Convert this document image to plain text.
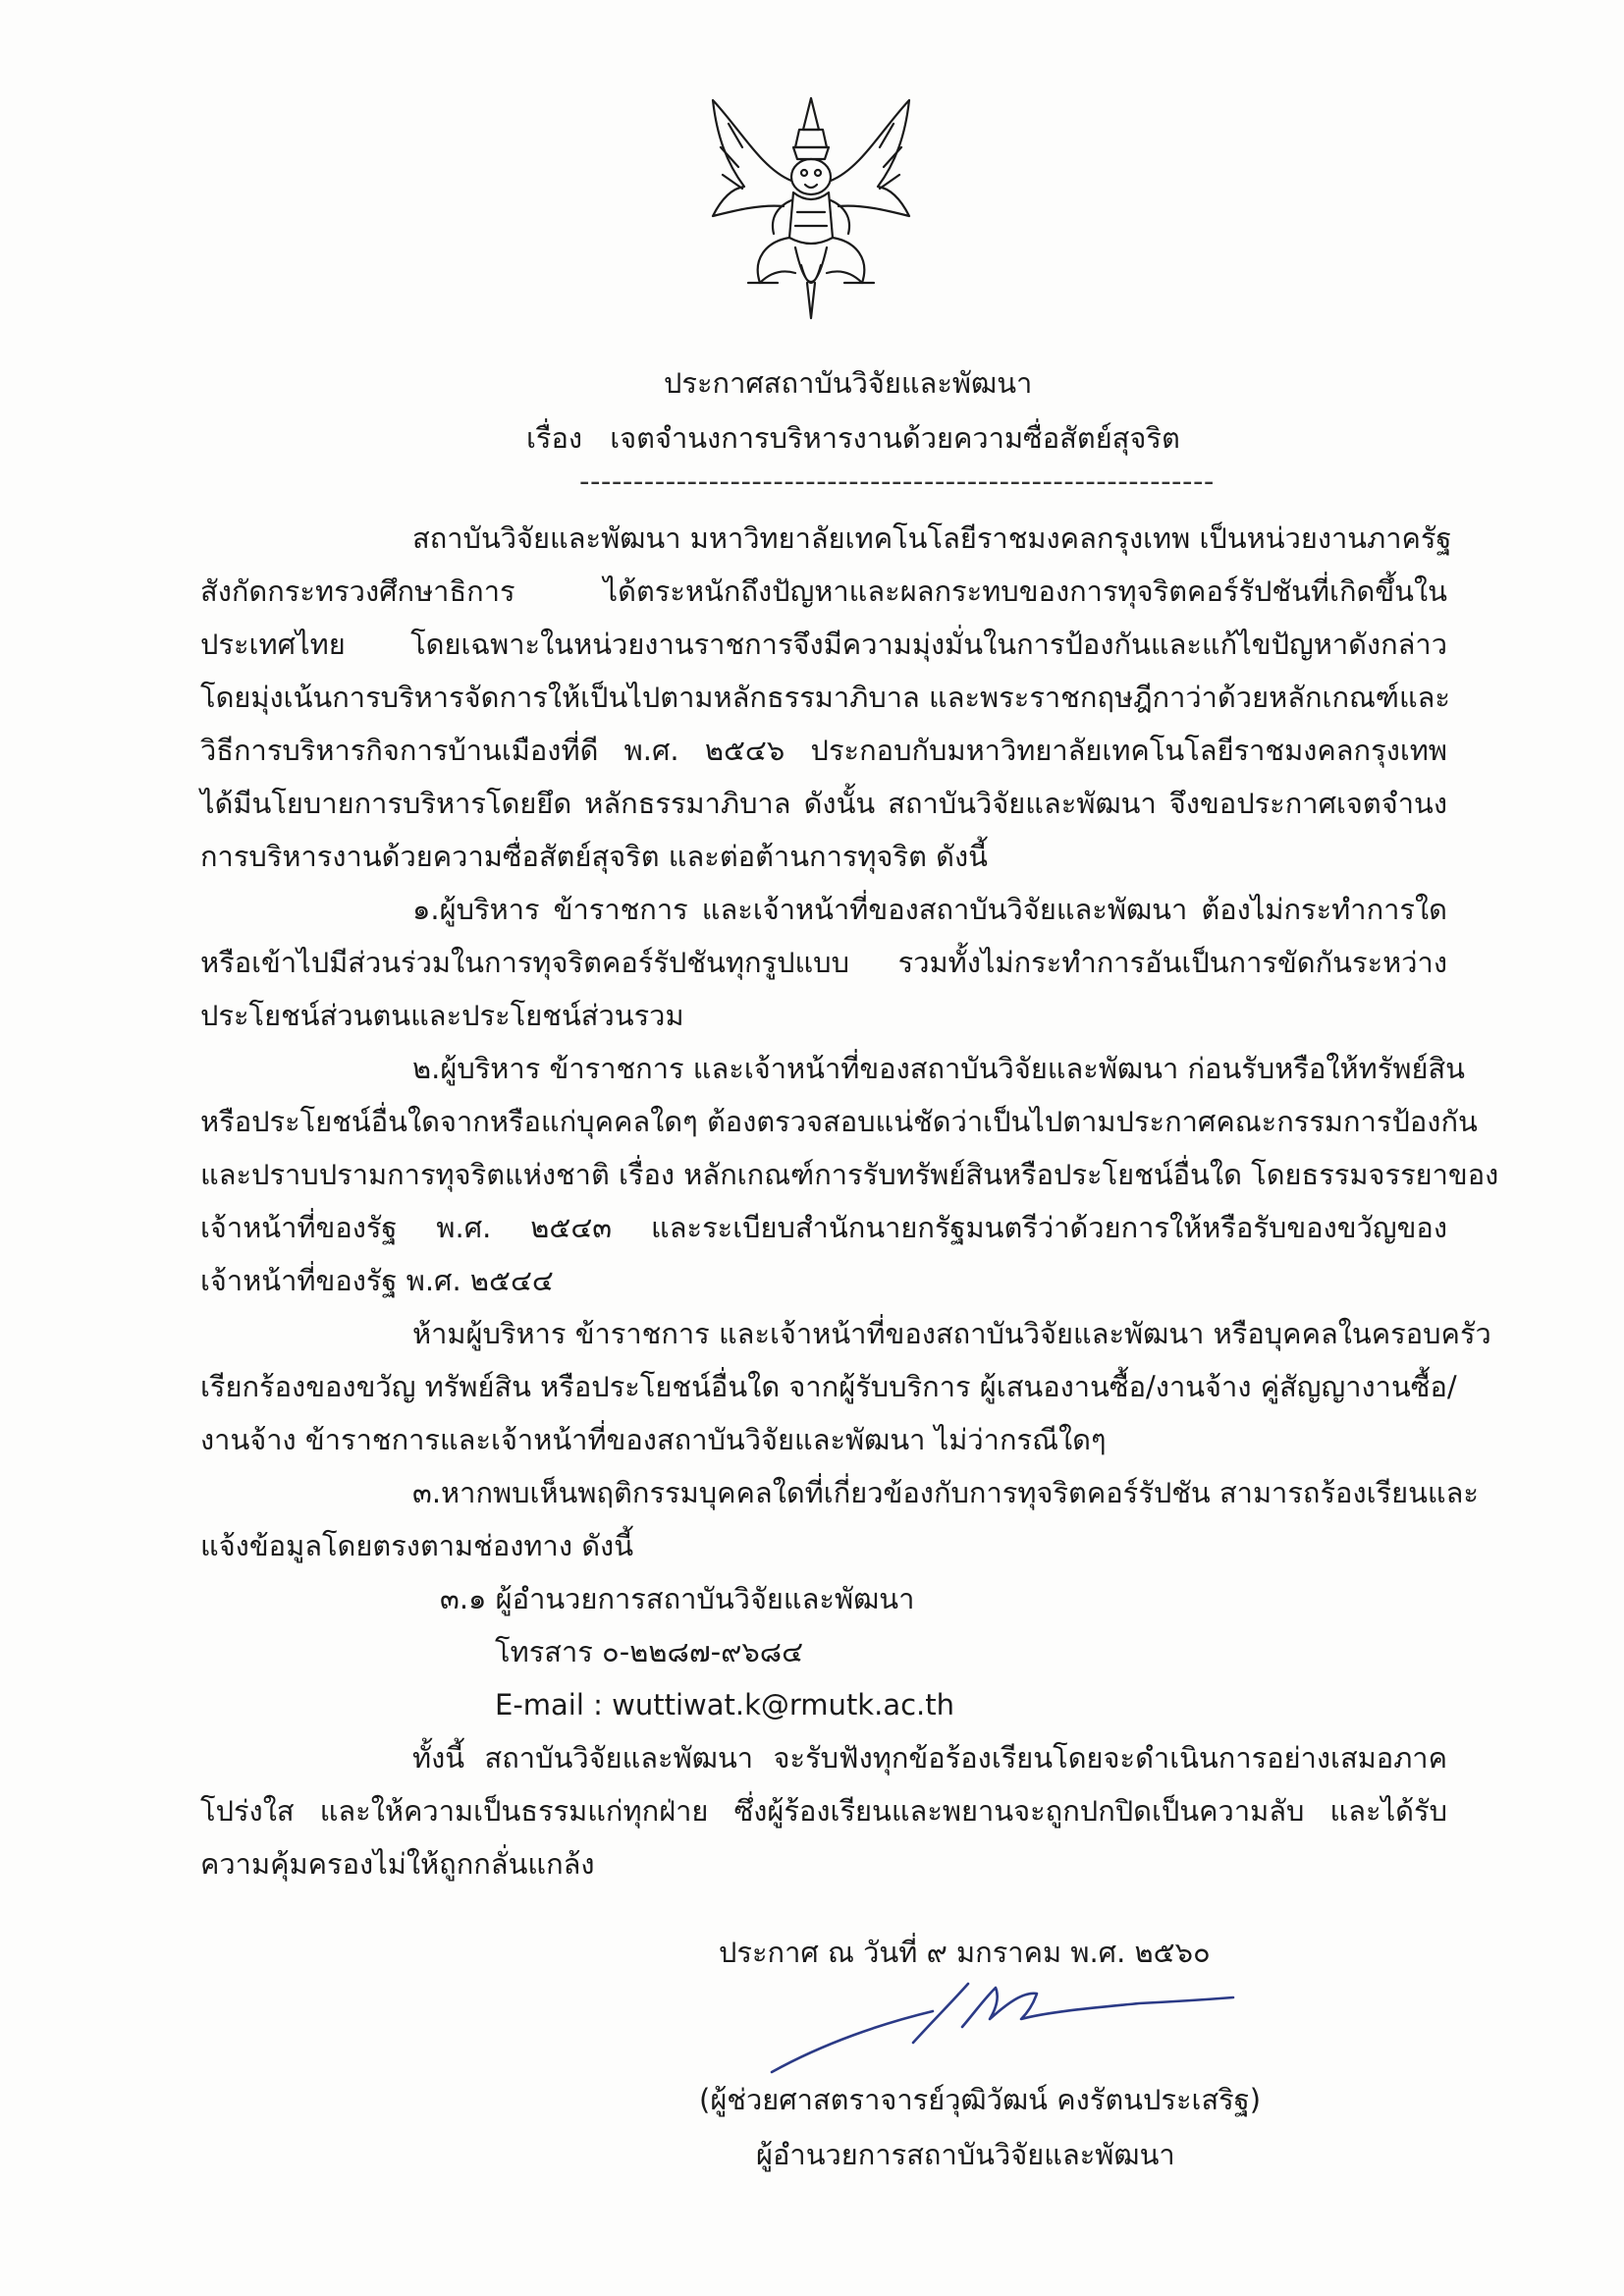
ประกาศสถาบันวิจัยและพัฒนา
เรื่อง เจตจำนงการบริหารงานด้วยความซื่อสัตย์สุจริต
-----------------------------------------------------------
สถาบันวิจัยและพัฒนา มหาวิทยาลัยเทคโนโลยีราชมงคลกรุงเทพ เป็นหน่วยงานภาครัฐ
สังกัดกระทรวงศึกษาธิการ ได้ตระหนักถึงปัญหาและผลกระทบของการทุจริตคอร์รัปชันที่เกิดขึ้นใน
ประเทศไทย โดยเฉพาะในหน่วยงานราชการจึงมีความมุ่งมั่นในการป้องกันและแก้ไขปัญหาดังกล่าว
โดยมุ่งเน้นการบริหารจัดการให้เป็นไปตามหลักธรรมาภิบาล และพระราชกฤษฎีกาว่าด้วยหลักเกณฑ์และ
วิธีการบริหารกิจการบ้านเมืองที่ดี พ.ศ. ๒๕๔๖ ประกอบกับมหาวิทยาลัยเทคโนโลยีราชมงคลกรุงเทพ
ได้มีนโยบายการบริหารโดยยึด หลักธรรมาภิบาล ดังนั้น สถาบันวิจัยและพัฒนา จึงขอประกาศเจตจำนง
การบริหารงานด้วยความซื่อสัตย์สุจริต และต่อต้านการทุจริต ดังนี้
๑.ผู้บริหาร ข้าราชการ และเจ้าหน้าที่ของสถาบันวิจัยและพัฒนา ต้องไม่กระทำการใด
หรือเข้าไปมีส่วนร่วมในการทุจริตคอร์รัปชันทุกรูปแบบ รวมทั้งไม่กระทำการอันเป็นการขัดกันระหว่าง
ประโยชน์ส่วนตนและประโยชน์ส่วนรวม
๒.ผู้บริหาร ข้าราชการ และเจ้าหน้าที่ของสถาบันวิจัยและพัฒนา ก่อนรับหรือให้ทรัพย์สิน
หรือประโยชน์อื่นใดจากหรือแก่บุคคลใดๆ ต้องตรวจสอบแน่ชัดว่าเป็นไปตามประกาศคณะกรรมการป้องกัน
และปราบปรามการทุจริตแห่งชาติ เรื่อง หลักเกณฑ์การรับทรัพย์สินหรือประโยชน์อื่นใด โดยธรรมจรรยาของ
เจ้าหน้าที่ของรัฐ พ.ศ. ๒๕๔๓ และระเบียบสำนักนายกรัฐมนตรีว่าด้วยการให้หรือรับของขวัญของ
เจ้าหน้าที่ของรัฐ พ.ศ. ๒๕๔๔
ห้ามผู้บริหาร ข้าราชการ และเจ้าหน้าที่ของสถาบันวิจัยและพัฒนา หรือบุคคลในครอบครัว
เรียกร้องของขวัญ ทรัพย์สิน หรือประโยชน์อื่นใด จากผู้รับบริการ ผู้เสนองานซื้อ/งานจ้าง คู่สัญญางานซื้อ/
งานจ้าง ข้าราชการและเจ้าหน้าที่ของสถาบันวิจัยและพัฒนา ไม่ว่ากรณีใดๆ
๓.หากพบเห็นพฤติกรรมบุคคลใดที่เกี่ยวข้องกับการทุจริตคอร์รัปชัน สามารถร้องเรียนและ
แจ้งข้อมูลโดยตรงตามช่องทาง ดังนี้
๓.๑ ผู้อำนวยการสถาบันวิจัยและพัฒนา
โทรสาร ๐-๒๒๘๗-๙๖๘๔
E-mail : wuttiwat.k@rmutk.ac.th
ทั้งนี้ สถาบันวิจัยและพัฒนา จะรับฟังทุกข้อร้องเรียนโดยจะดำเนินการอย่างเสมอภาค
ประกาศ ณ วันที่ ๙ มกราคม พ.ศ. ๒๕๖๐
(ผู้ช่วยศาสตราจารย์วุฒิวัฒน์ คงรัตนประเสริฐ)
ผู้อำนวยการสถาบันวิจัยและพัฒนา
โปร่งใส และให้ความเป็นธรรมแก่ทุกฝ่าย ซึ่งผู้ร้องเรียนและพยานจะถูกปกปิดเป็นความลับ และได้รับ
ความคุ้มครองไม่ให้ถูกกลั่นแกล้ง
